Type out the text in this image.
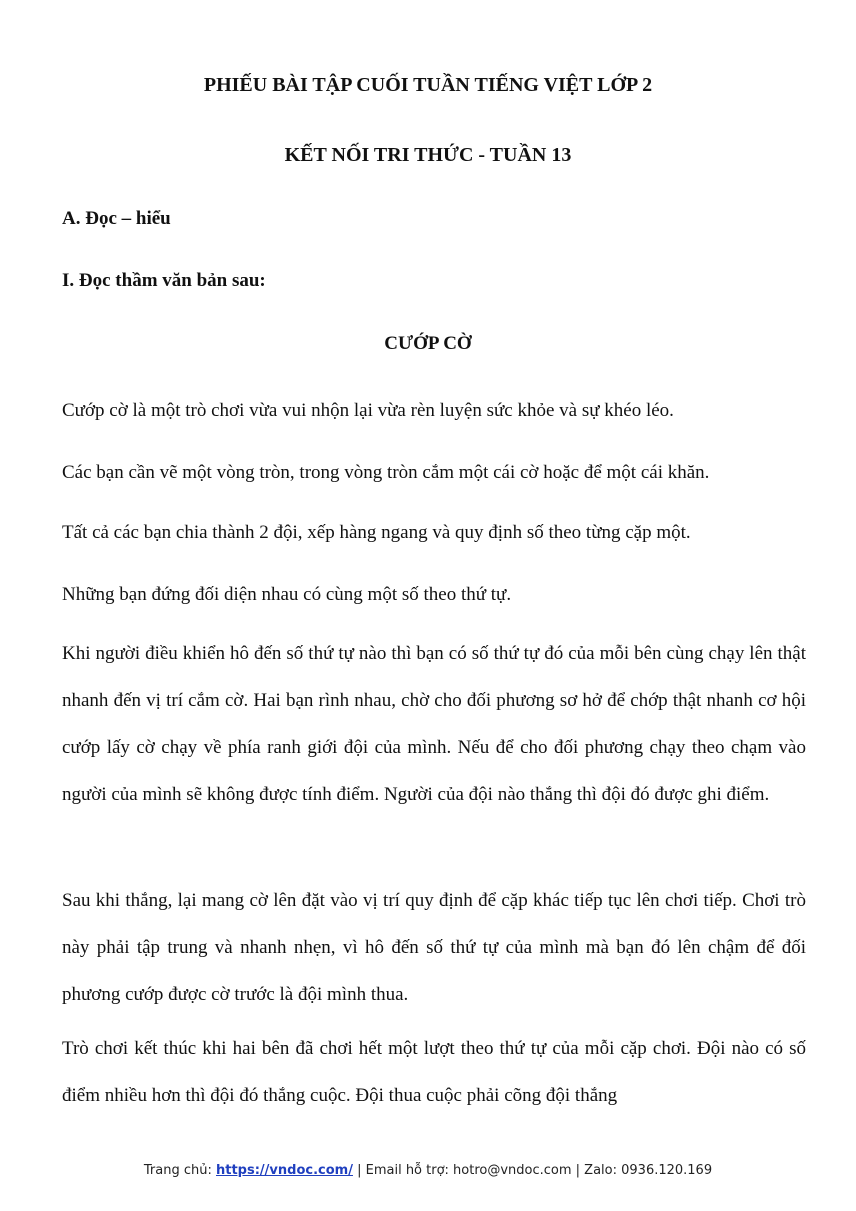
PHIẾU BÀI TẬP CUỐI TUẦN TIẾNG VIỆT LỚP 2

KẾT NỐI TRI THỨC - TUẦN 13

A. Đọc – hiểu

I. Đọc thầm văn bản sau:

CƯỚP CỜ

Cướp cờ là một trò chơi vừa vui nhộn lại vừa rèn luyện sức khỏe và sự khéo léo.

Các bạn cần vẽ một vòng tròn, trong vòng tròn cắm một cái cờ hoặc để một cái khăn.

Tất cả các bạn chia thành 2 đội, xếp hàng ngang và quy định số theo từng cặp một.

Những bạn đứng đối diện nhau có cùng một số theo thứ tự.

Khi người điều khiển hô đến số thứ tự nào thì bạn có số thứ tự đó của mỗi bên cùng chạy lên thật nhanh đến vị trí cắm cờ. Hai bạn rình nhau, chờ cho đối phương sơ hở để chớp thật nhanh cơ hội cướp lấy cờ chạy về phía ranh giới đội của mình. Nếu để cho đối phương chạy theo chạm vào người của mình sẽ không được tính điểm. Người của đội nào thắng thì đội đó được ghi điểm.

Sau khi thắng, lại mang cờ lên đặt vào vị trí quy định để cặp khác tiếp tục lên chơi tiếp. Chơi trò này phải tập trung và nhanh nhẹn, vì hô đến số thứ tự của mình mà bạn đó lên chậm để đối phương cướp được cờ trước là đội mình thua.

Trò chơi kết thúc khi hai bên đã chơi hết một lượt theo thứ tự của mỗi cặp chơi. Đội nào có số điểm nhiều hơn thì đội đó thắng cuộc. Đội thua cuộc phải cõng đội thắng

Trang chủ: https://vndoc.com/ | Email hỗ trợ: hotro@vndoc.com | Zalo: 0936.120.169
